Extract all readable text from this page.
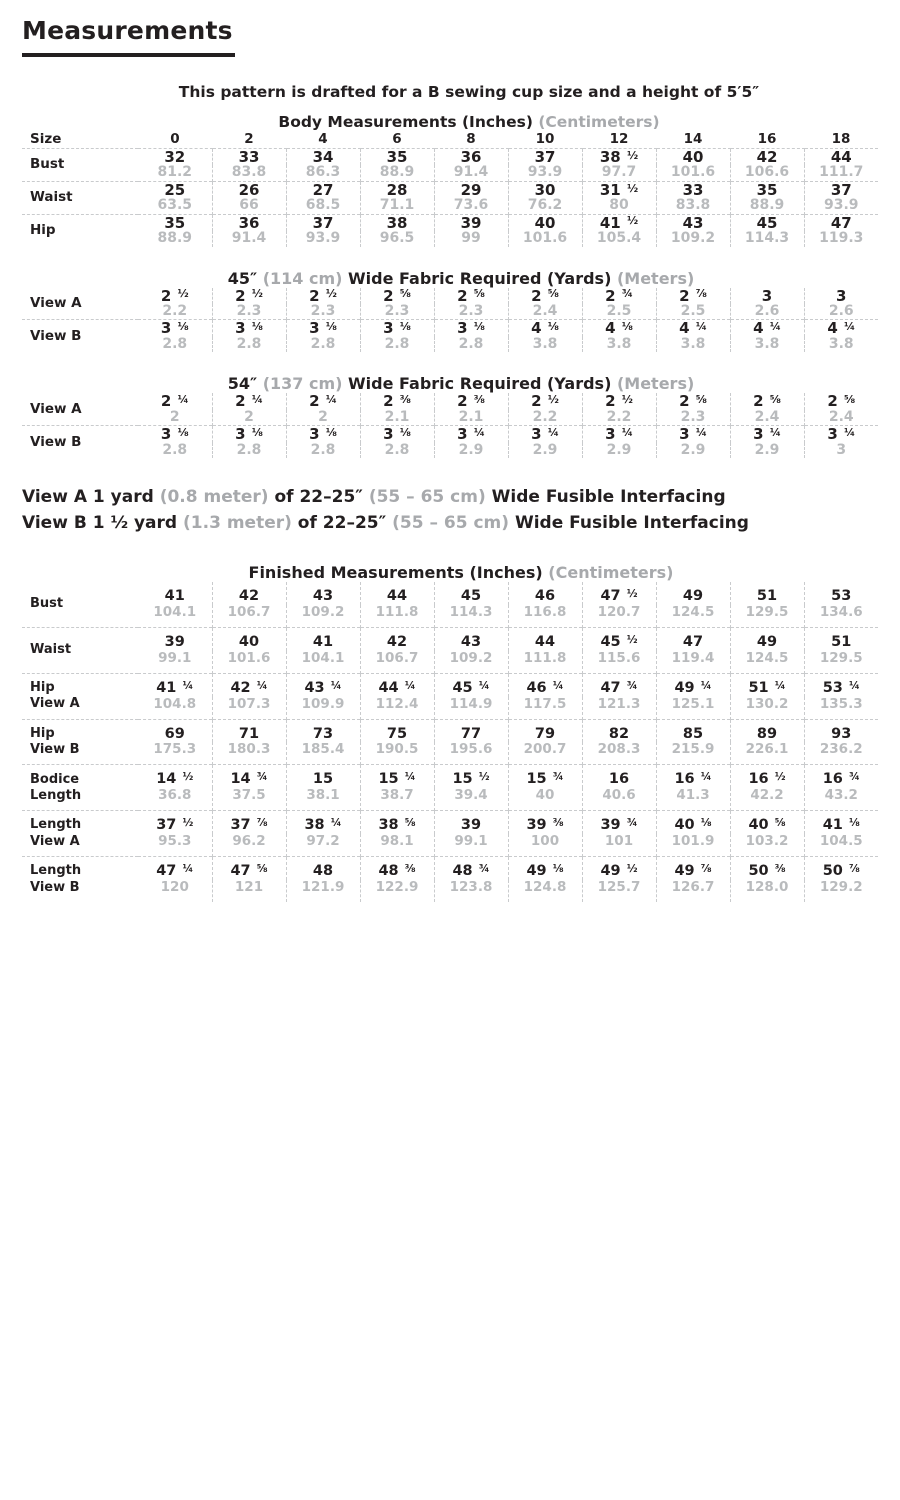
Measurements
This pattern is drafted for a B sewing cup size and a height of 5′5″
Body Measurements (Inches) (Centimeters)
Size	0	2	4	6	8	10	12	14	16	18
Bust	32	33	34	35	36	37	38 ½	40	42	44
	81.2	83.8	86.3	88.9	91.4	93.9	97.7	101.6	106.6	111.7
Waist	25	26	27	28	29	30	31 ½	33	35	37
	63.5	66	68.5	71.1	73.6	76.2	80	83.8	88.9	93.9
Hip	35	36	37	38	39	40	41 ½	43	45	47
	88.9	91.4	93.9	96.5	99	101.6	105.4	109.2	114.3	119.3
45″ (114 cm) Wide Fabric Required (Yards) (Meters)
View A	2 ½	2 ½	2 ½	2 ⅝	2 ⅝	2 ⅝	2 ¾	2 ⅞	3	3
	2.2	2.3	2.3	2.3	2.3	2.4	2.5	2.5	2.6	2.6
View B	3 ⅛	3 ⅛	3 ⅛	3 ⅛	3 ⅛	4 ⅛	4 ⅛	4 ¼	4 ¼	4 ¼
	2.8	2.8	2.8	2.8	2.8	3.8	3.8	3.8	3.8	3.8
54″ (137 cm) Wide Fabric Required (Yards) (Meters)
View A	2 ¼	2 ¼	2 ¼	2 ⅜	2 ⅜	2 ½	2 ½	2 ⅝	2 ⅝	2 ⅝
	2	2	2	2.1	2.1	2.2	2.2	2.3	2.4	2.4
View B	3 ⅛	3 ⅛	3 ⅛	3 ⅛	3 ¼	3 ¼	3 ¼	3 ¼	3 ¼	3 ¼
	2.8	2.8	2.8	2.8	2.9	2.9	2.9	2.9	2.9	3
View A 1 yard (0.8 meter) of 22–25″ (55 – 65 cm) Wide Fusible Interfacing
View B 1 ½ yard (1.3 meter) of 22–25″ (55 – 65 cm) Wide Fusible Interfacing
Finished Measurements (Inches) (Centimeters)
Bust	41	42	43	44	45	46	47 ½	49	51	53
	104.1	106.7	109.2	111.8	114.3	116.8	120.7	124.5	129.5	134.6
Waist	39	40	41	42	43	44	45 ½	47	49	51
	99.1	101.6	104.1	106.7	109.2	111.8	115.6	119.4	124.5	129.5
Hip
View A	41 ¼	42 ¼	43 ¼	44 ¼	45 ¼	46 ¼	47 ¾	49 ¼	51 ¼	53 ¼
	104.8	107.3	109.9	112.4	114.9	117.5	121.3	125.1	130.2	135.3
Hip
View B	69	71	73	75	77	79	82	85	89	93
	175.3	180.3	185.4	190.5	195.6	200.7	208.3	215.9	226.1	236.2
Bodice
Length	14 ½	14 ¾	15	15 ¼	15 ½	15 ¾	16	16 ¼	16 ½	16 ¾
	36.8	37.5	38.1	38.7	39.4	40	40.6	41.3	42.2	43.2
Length
View A	37 ½	37 ⅞	38 ¼	38 ⅝	39	39 ⅜	39 ¾	40 ⅛	40 ⅝	41 ⅛
	95.3	96.2	97.2	98.1	99.1	100	101	101.9	103.2	104.5
Length
View B	47 ¼	47 ⅝	48	48 ⅜	48 ¾	49 ⅛	49 ½	49 ⅞	50 ⅜	50 ⅞
	120	121	121.9	122.9	123.8	124.8	125.7	126.7	128.0	129.2
